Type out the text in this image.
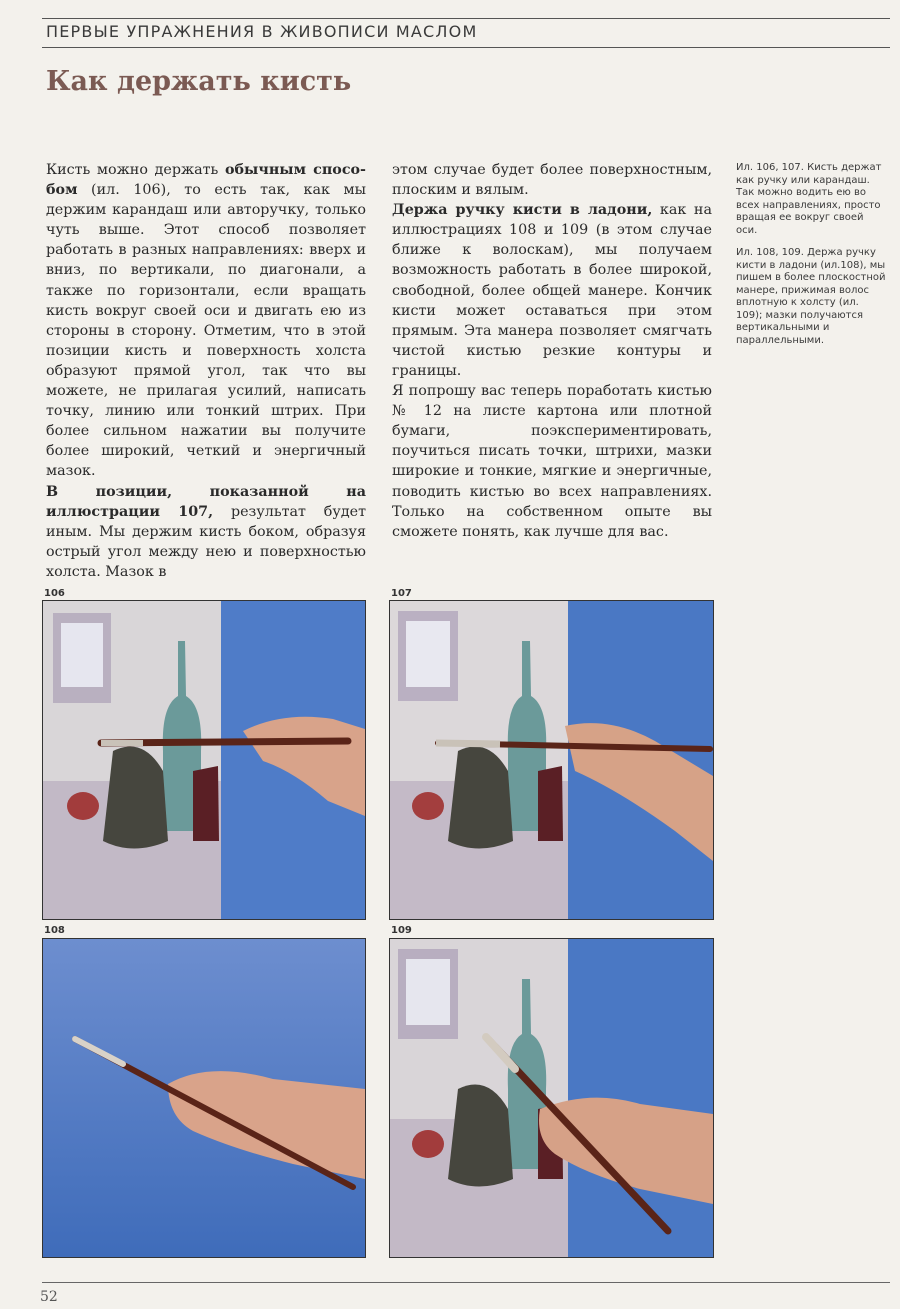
ПЕРВЫЕ УПРАЖНЕНИЯ В ЖИВОПИСИ МАСЛОМ
Как держать кисть

Кисть можно держать обычным спосо-бом (ил. 106), то есть так, как мы держим карандаш или авторучку, только чуть выше. Этот способ позволяет работать в разных направлениях: вверх и вниз, по вертикали, по диагонали, а также по горизонтали, если вращать кисть вокруг своей оси и двигать ею из стороны в сторону. Отметим, что в этой позиции кисть и поверхность холста образуют прямой угол, так что вы можете, не прилагая усилий, написать точку, линию или тонкий штрих. При более сильном нажатии вы получите более широкий, четкий и энергичный мазок.

В позиции, показанной на иллюстрации 107, результат будет иным. Мы держим кисть боком, образуя острый угол между нею и поверхностью холста. Мазок в

этом случае будет более поверхностным, плоским и вялым.

Держа ручку кисти в ладони, как на иллюстрациях 108 и 109 (в этом случае ближе к волоскам), мы получаем возможность работать в более широкой, свободной, более общей манере. Кончик кисти может оставаться при этом прямым. Эта манера позволяет смягчать чистой кистью резкие контуры и границы.

Я попрошу вас теперь поработать кистью № 12 на листе картона или плотной бумаги, поэкспериментировать, поучиться писать точки, штрихи, мазки широкие и тонкие, мягкие и энергичные, поводить кистью во всех направлениях. Только на собственном опыте вы сможете понять, как лучше для вас.

Ил. 106, 107. Кисть держат как ручку или карандаш. Так можно водить ею во всех направлениях, просто вращая ее вокруг своей оси.

Ил. 108, 109. Держа ручку кисти в ладони (ил.108), мы пишем в более плоскостной манере, прижимая волос вплотную к холсту (ил. 109); мазки получаются вертикальными и параллельными.

106	107
108	109
52
